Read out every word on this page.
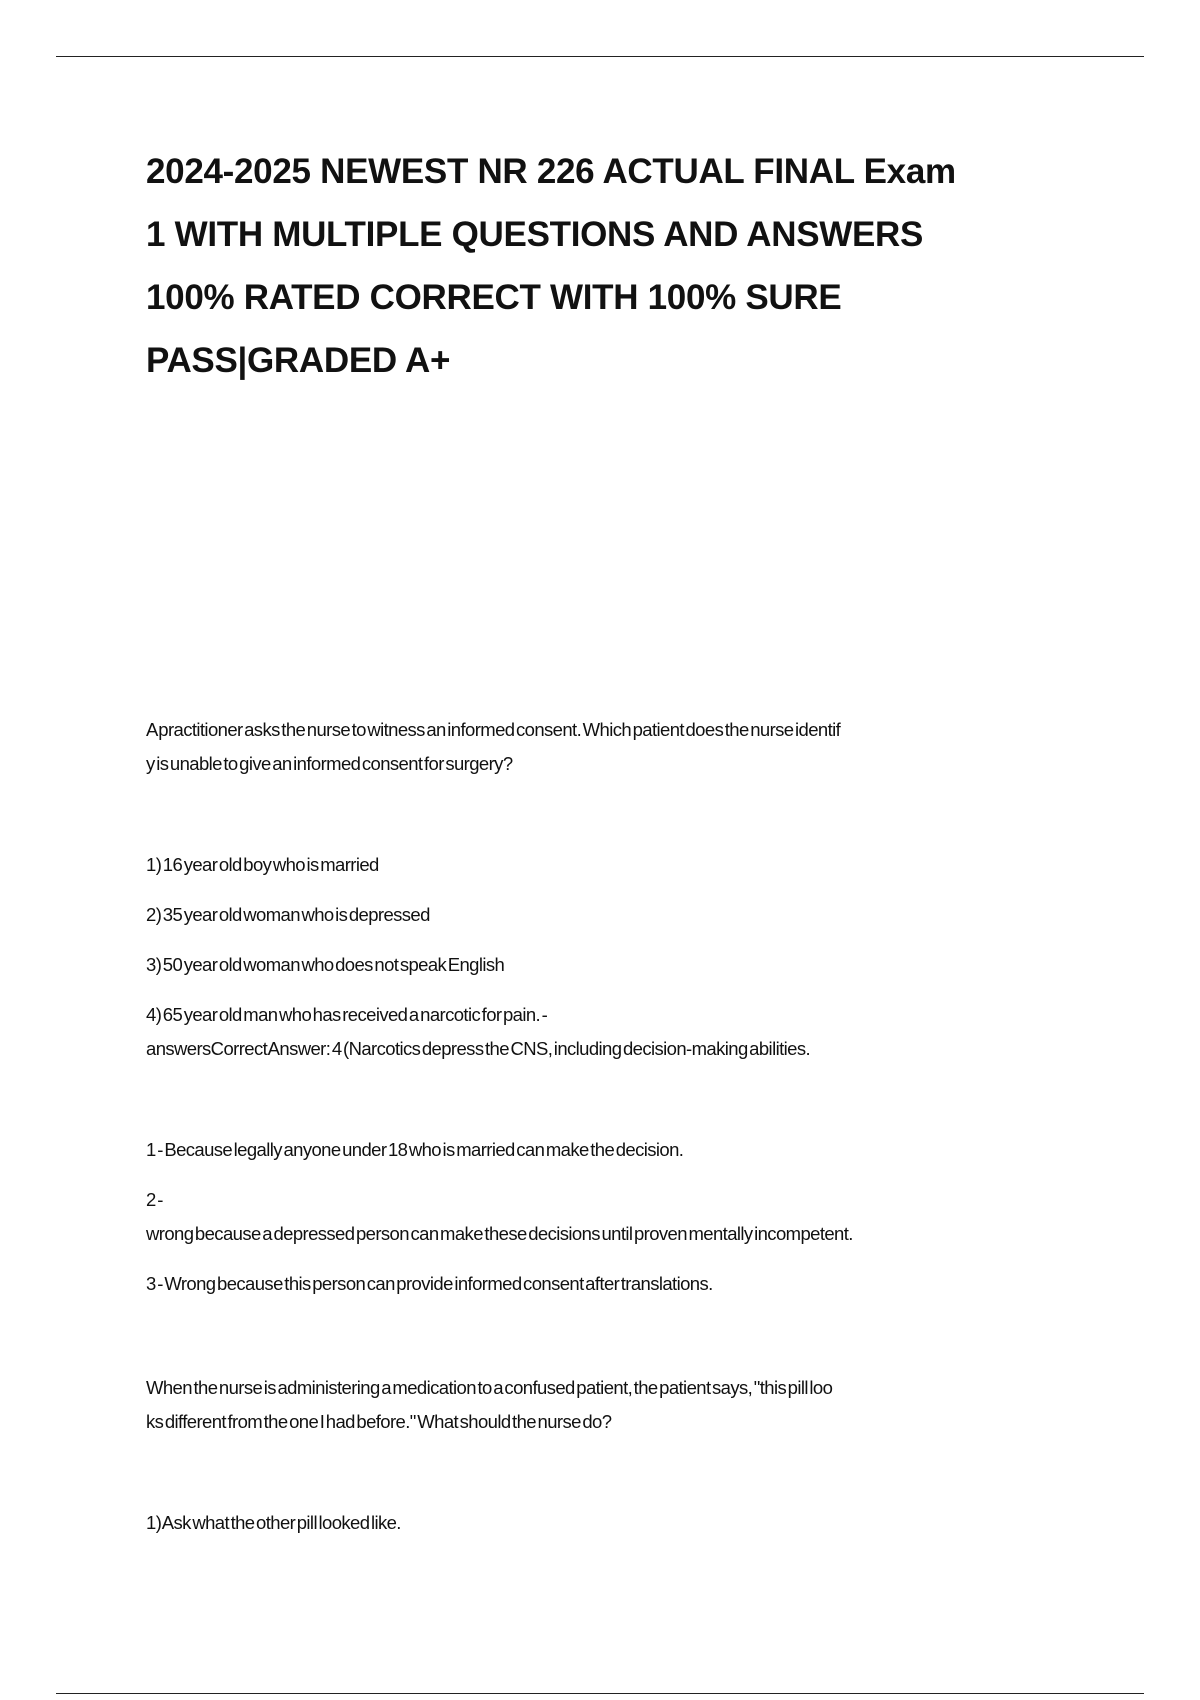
2024-2025 NEWEST NR 226 ACTUAL FINAL Exam

1 WITH MULTIPLE QUESTIONS AND ANSWERS

100% RATED CORRECT WITH 100% SURE

PASS|GRADED A+

A practitioner asks the nurse to witness an informed consent. Which patient does the nurse identif

y is unable to give an informed consent for surgery?

1) 16 year old boy who is married

2) 35 year old woman who is depressed

3) 50 year old woman who does not speak English

4) 65 year old man who has received a narcotic for pain. -

answersCorrect Answer: 4 (Narcotics depress the CNS, including decision-making abilities.

1 - Because legally anyone under 18 who is married can make the decision.

2 -

wrong because a depressed person can make these decisions until proven mentally incompetent.

3 - Wrong because this person can provide informed consent after translations.

When the nurse is administering a medication to a confused patient, the patient says, "this pill loo

ks different from the one I had before." What should the nurse do?

1) Ask what the other pill looked like.
